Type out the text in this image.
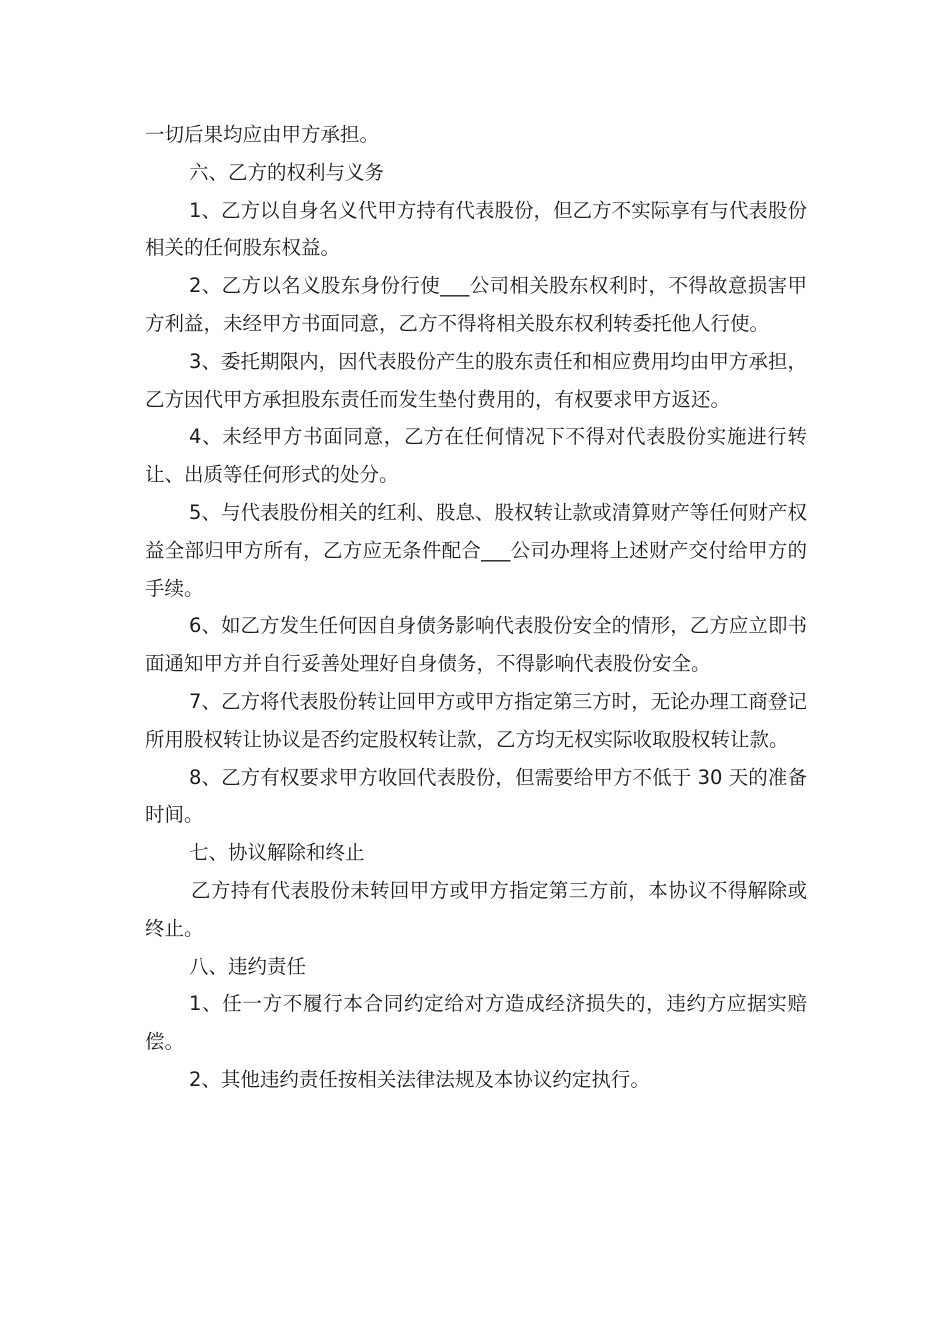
一切后果均应由甲方承担。

六、乙方的权利与义务

1、乙方以自身名义代甲方持有代表股份，但乙方不实际享有与代表股份相关的任何股东权益。

2、乙方以名义股东身份行使___公司相关股东权利时，不得故意损害甲方利益，未经甲方书面同意，乙方不得将相关股东权利转委托他人行使。

3、委托期限内，因代表股份产生的股东责任和相应费用均由甲方承担，乙方因代甲方承担股东责任而发生垫付费用的，有权要求甲方返还。

4、未经甲方书面同意，乙方在任何情况下不得对代表股份实施进行转让、出质等任何形式的处分。

5、与代表股份相关的红利、股息、股权转让款或清算财产等任何财产权益全部归甲方所有，乙方应无条件配合___公司办理将上述财产交付给甲方的手续。

6、如乙方发生任何因自身债务影响代表股份安全的情形，乙方应立即书面通知甲方并自行妥善处理好自身债务，不得影响代表股份安全。

7、乙方将代表股份转让回甲方或甲方指定第三方时，无论办理工商登记所用股权转让协议是否约定股权转让款，乙方均无权实际收取股权转让款。

8、乙方有权要求甲方收回代表股份，但需要给甲方不低于 30 天的准备时间。

七、协议解除和终止

乙方持有代表股份未转回甲方或甲方指定第三方前，本协议不得解除或终止。

八、违约责任

1、任一方不履行本合同约定给对方造成经济损失的，违约方应据实赔偿。

2、其他违约责任按相关法律法规及本协议约定执行。
